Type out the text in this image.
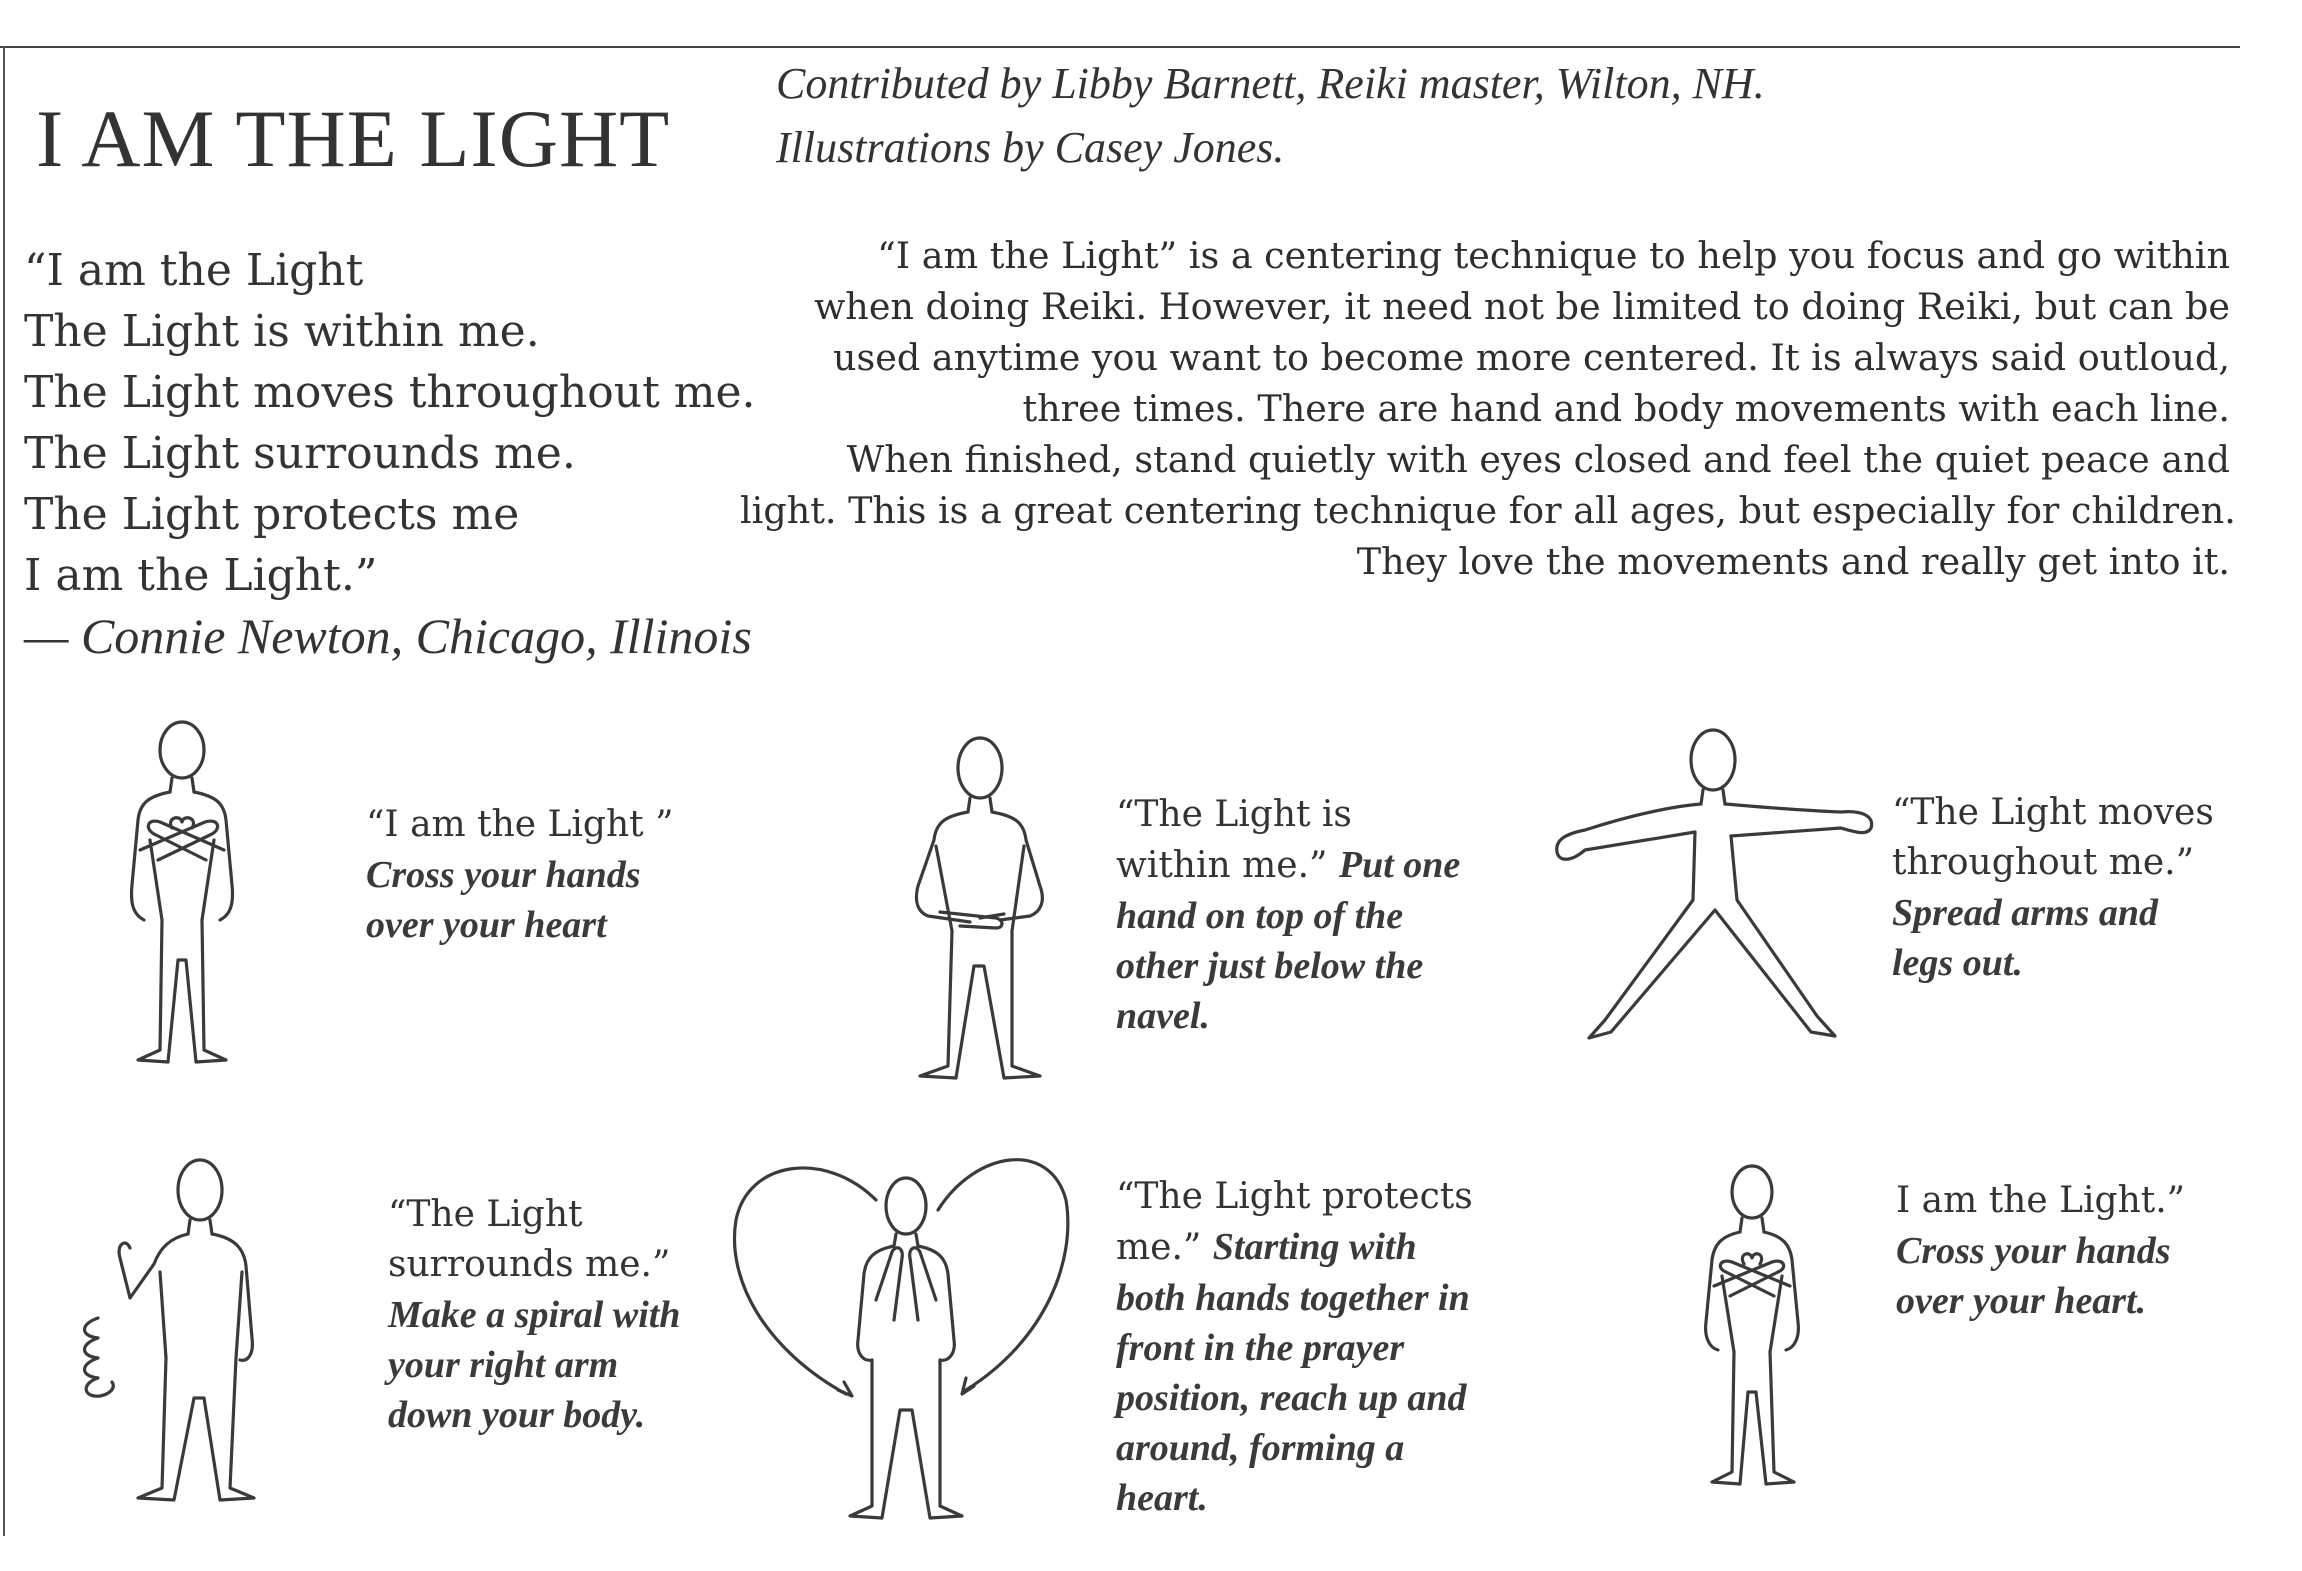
I AM THE LIGHT
Contributed by Libby Barnett, Reiki master, Wilton, NH.
Illustrations by Casey Jones.
“I am the Light
The Light is within me.
The Light moves throughout me.
The Light surrounds me.
The Light protects me
I am the Light.”
— Connie Newton, Chicago, Illinois
“I am the Light” is a centering technique to help you focus and go within
when doing Reiki. However, it need not be limited to doing Reiki, but can be
used anytime you want to become more centered. It is always said outloud,
three times. There are hand and body movements with each line.
When finished, stand quietly with eyes closed and feel the quiet peace and
light. This is a great centering technique for all ages, but especially for children.
They love the movements and really get into it.
“I am the Light ”
Cross your hands
over your heart
“The Light is
within me.” Put one
hand on top of the
other just below the
navel.
“The Light moves
throughout me.”
Spread arms and
legs out.
“The Light
surrounds me.”
Make a spiral with
your right arm
down your body.
“The Light protects
me.” Starting with
both hands together in
front in the prayer
position, reach up and
around, forming a
heart.
I am the Light.”
Cross your hands
over your heart.
